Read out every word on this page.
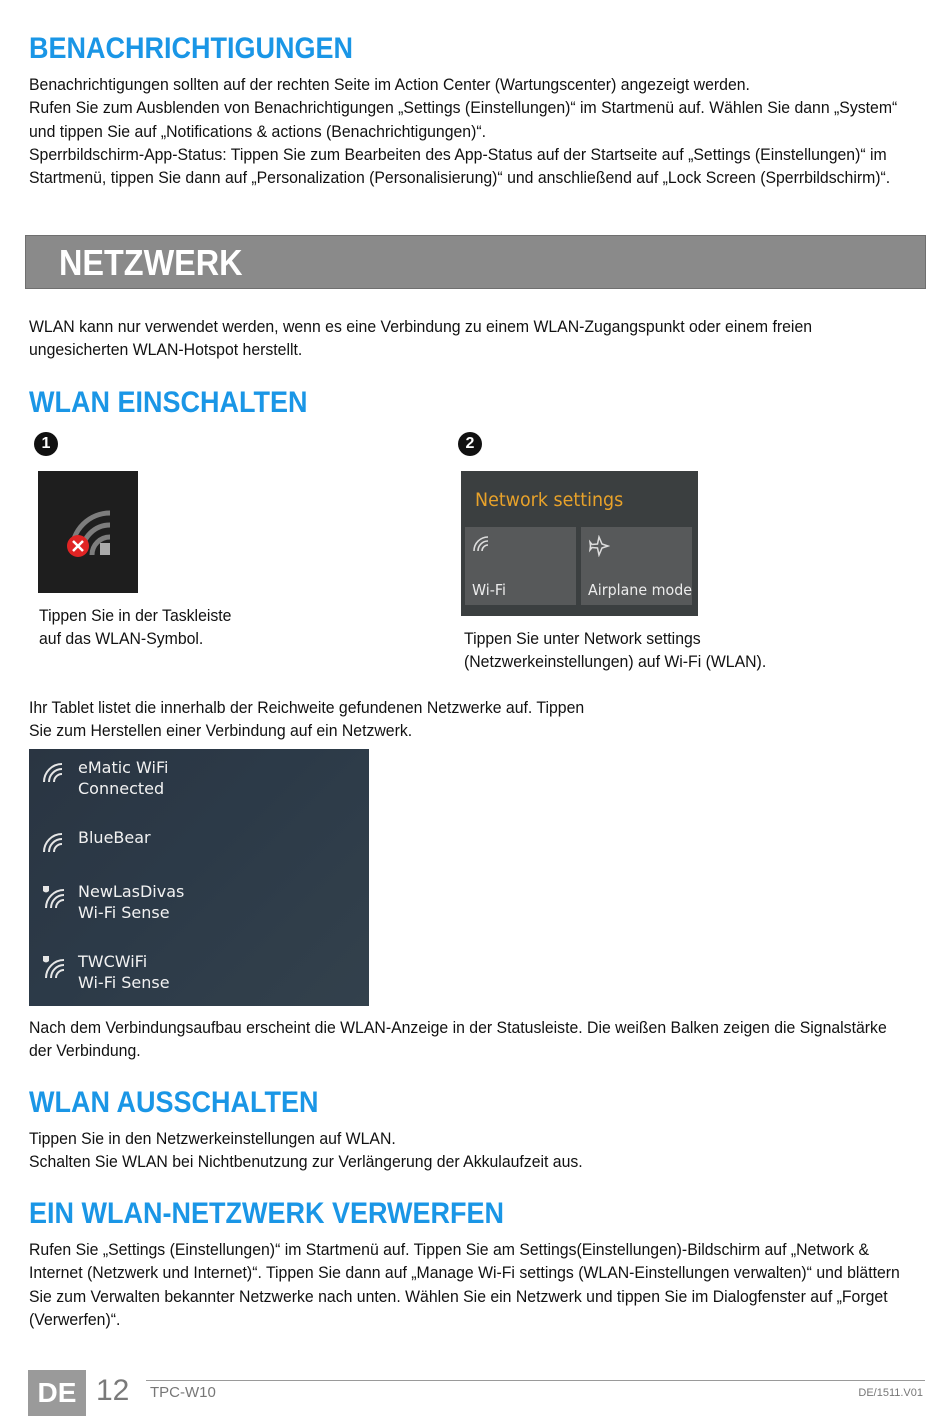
BENACHRICHTIGUNGEN

Benachrichtigungen sollten auf der rechten Seite im Action Center (Wartungscenter) angezeigt werden.

Rufen Sie zum Ausblenden von Benachrichtigungen „Settings (Einstellungen)“ im Startmenü auf. Wählen Sie dann „System“ und tippen Sie auf „Notifications & actions (Benachrichtigungen)“.

Sperrbildschirm-App-Status: Tippen Sie zum Bearbeiten des App-Status auf der Startseite auf „Settings (Einstellungen)“ im Startmenü, tippen Sie dann auf „Personalization (Personalisierung)“ und anschließend auf „Lock Screen (Sperrbildschirm)“.

NETZWERK
WLAN kann nur verwendet werden, wenn es eine Verbindung zu einem WLAN-Zugangspunkt oder einem freien ungesicherten WLAN-Hotspot herstellt.
WLAN EINSCHALTEN
1	2
Tippen Sie in der Taskleiste auf das WLAN-Symbol.
Network settings
Wi-Fi	Airplane mode
Tippen Sie unter Network settings (Netzwerkeinstellungen) auf Wi-Fi (WLAN).
Ihr Tablet listet die innerhalb der Reichweite gefundenen Netzwerke auf. Tippen Sie zum Herstellen einer Verbindung auf ein Netzwerk.
eMatic WiFi
Connected
BlueBear
NewLasDivas
Wi-Fi Sense
TWCWiFi
Wi-Fi Sense
Nach dem Verbindungsaufbau erscheint die WLAN-Anzeige in der Statusleiste. Die weißen Balken zeigen die Signalstärke der Verbindung.
WLAN AUSSCHALTEN

Tippen Sie in den Netzwerkeinstellungen auf WLAN.

Schalten Sie WLAN bei Nichtbenutzung zur Verlängerung der Akkulaufzeit aus.

EIN WLAN-NETZWERK VERWERFEN
Rufen Sie „Settings (Einstellungen)“ im Startmenü auf. Tippen Sie am Settings(Einstellungen)-Bildschirm auf „Network & Internet (Netzwerk und Internet)“. Tippen Sie dann auf „Manage Wi-Fi settings (WLAN-Einstellungen verwalten)“ und blättern Sie zum Verwalten bekannter Netzwerke nach unten. Wählen Sie ein Netzwerk und tippen Sie im Dialogfenster auf „Forget (Verwerfen)“.
DE 12 TPC-W10	DE/1511.V01
